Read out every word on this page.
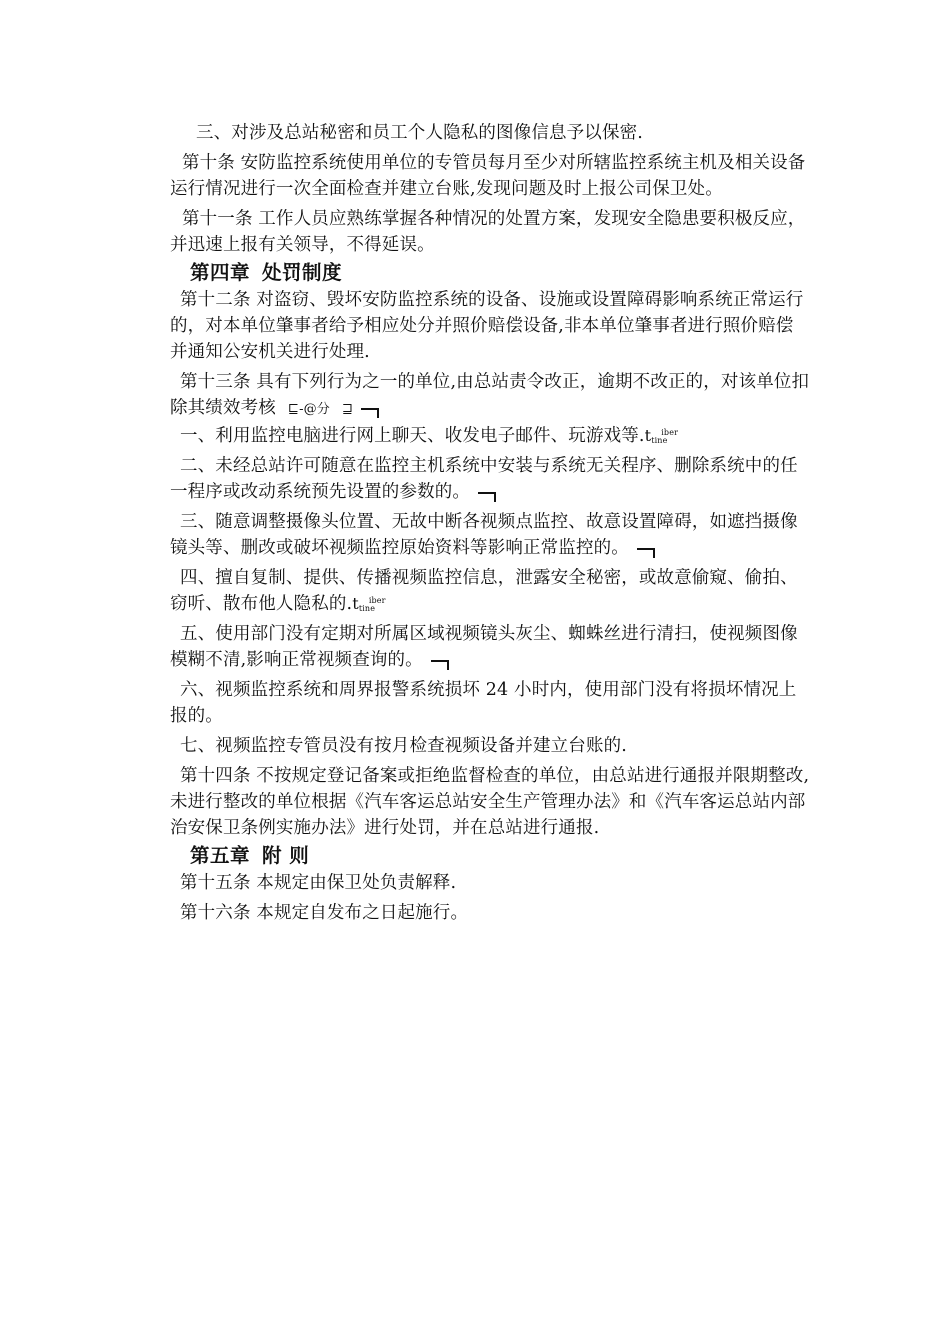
三、对涉及总站秘密和员工个人隐私的图像信息予以保密.

第十条 安防监控系统使用单位的专管员每月至少对所辖监控系统主机及相关设备运行情况进行一次全面检查并建立台账,发现问题及时上报公司保卫处。

第十一条 工作人员应熟练掌握各种情况的处置方案，发现安全隐患要积极反应，并迅速上报有关领导，不得延误。

第四章 处罚制度

第十二条 对盗窃、毁坏安防监控系统的设备、设施或设置障碍影响系统正常运行的，对本单位肇事者给予相应处分并照价赔偿设备,非本单位肇事者进行照价赔偿并通知公安机关进行处理.

第十三条 具有下列行为之一的单位,由总站责令改正，逾期不改正的，对该单位扣除其绩效考核 ⊑-@分 ⊒

一、利用监控电脑进行网上聊天、收发电子邮件、玩游戏等.t iber
tine

二、未经总站许可随意在监控主机系统中安装与系统无关程序、删除系统中的任一程序或改动系统预先设置的参数的。

三、随意调整摄像头位置、无故中断各视频点监控、故意设置障碍，如遮挡摄像镜头等、删改或破坏视频监控原始资料等影响正常监控的。

四、擅自复制、提供、传播视频监控信息，泄露安全秘密，或故意偷窥、偷拍、窃听、散布他人隐私的.t iber
tine

五、使用部门没有定期对所属区域视频镜头灰尘、蜘蛛丝进行清扫，使视频图像模糊不清,影响正常视频查询的。

六、视频监控系统和周界报警系统损坏 24 小时内，使用部门没有将损坏情况上报的。

七、视频监控专管员没有按月检查视频设备并建立台账的.

第十四条 不按规定登记备案或拒绝监督检查的单位，由总站进行通报并限期整改,未进行整改的单位根据《汽车客运总站安全生产管理办法》和《汽车客运总站内部治安保卫条例实施办法》进行处罚，并在总站进行通报.

第五章 附 则

第十五条 本规定由保卫处负责解释.

第十六条 本规定自发布之日起施行。
